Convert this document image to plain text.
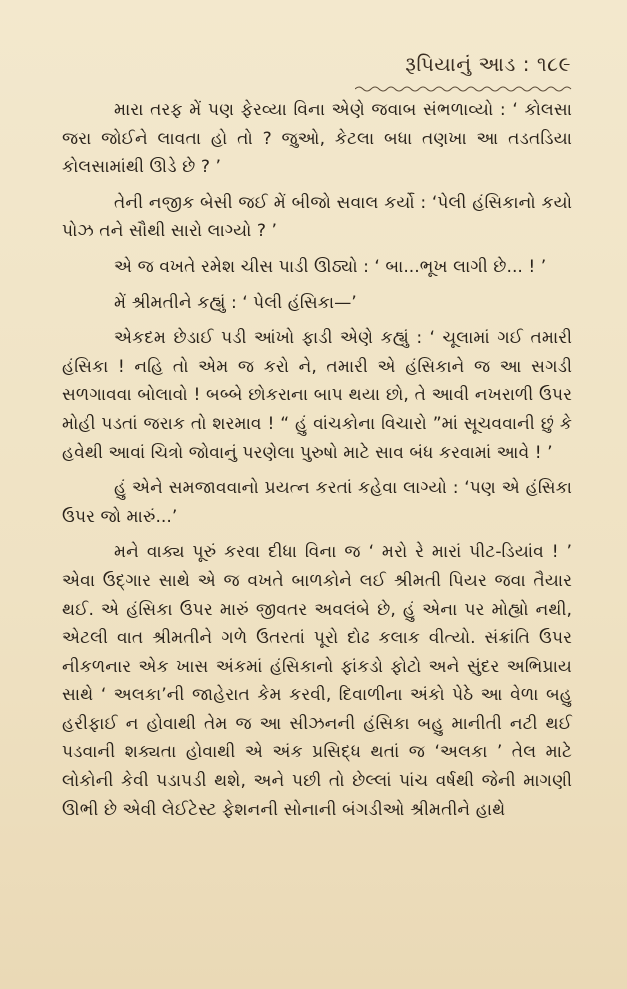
રૂપિયાનું આડ : ૧૮૯

મારા તરફ મેં પણ ફેરવ્યા વિના એણે જવાબ સંભળાવ્યો : ‘ કોલસા જરા જોઈને લાવતા હો તો ? જુઓ, કેટલા બધા તણખા આ તડતડિયા કોલસામાંથી ઊડે છે ? ’

તેની નજીક બેસી જઈ મેં બીજો સવાલ કર્યો : ‘પેલી હંસિકાનો કયો પોઝ તને સૌથી સારો લાગ્યો ? ’

એ જ વખતે રમેશ ચીસ પાડી ઊઠ્યો : ‘ બા...ભૂખ લાગી છે... ! ’

મેં શ્રીમતીને કહ્યું : ‘ પેલી હંસિકા—’

એકદમ છેડાઈ પડી આંખો ફાડી એણે કહ્યું : ‘ ચૂલામાં ગઈ તમારી હંસિકા ! નહિ તો એમ જ કરો ને, તમારી એ હંસિકાને જ આ સગડી સળગાવવા બોલાવો ! બબ્બે છોકરાના બાપ થયા છો, તે આવી નખરાળી ઉપર મોહી પડતાં જરાક તો શરમાવ ! “ હું વાંચકોના વિચારો ”માં સૂચવવાની છું કે હવેથી આવાં ચિત્રો જોવાનું પરણેલા પુરુષો માટે સાવ બંધ કરવામાં આવે ! ’

હું એને સમજાવવાનો પ્રયત્ન કરતાં કહેવા લાગ્યો : ‘પણ એ હંસિકા ઉપર જો મારું...’

મને વાક્ય પૂરું કરવા દીધા વિના જ ‘ મરો રે મારાં પીટ-ડિયાંવ ! ’ એવા ઉદ્ગાર સાથે એ જ વખતે બાળકોને લઈ શ્રીમતી પિયર જવા તૈયાર થઈ. એ હંસિકા ઉપર મારું જીવતર અવલંબે છે, હું એના પર મોહ્યો નથી, એટલી વાત શ્રીમતીને ગળે ઉતરતાં પૂરો દોઢ કલાક વીત્યો. સંક્રાંતિ ઉપર નીકળનાર એક ખાસ અંકમાં હંસિકાનો ફાંકડો ફોટો અને સુંદર અભિપ્રાય સાથે ‘ અલકા’ની જાહેરાત કેમ કરવી, દિવાળીના અંકો પેઠે આ વેળા બહુ હરીફાઈ ન હોવાથી તેમ જ આ સીઝનની હંસિકા બહુ માનીતી નટી થઈ પડવાની શક્યતા હોવાથી એ અંક પ્રસિદ્ધ થતાં જ ‘અલકા ’ તેલ માટે લોકોની કેવી પડાપડી થશે, અને પછી તો છેલ્લાં પાંચ વર્ષથી જેની માગણી ઊભી છે એવી લેઈટેસ્ટ ફેશનની સોનાની બંગડીઓ શ્રીમતીને હાથે
